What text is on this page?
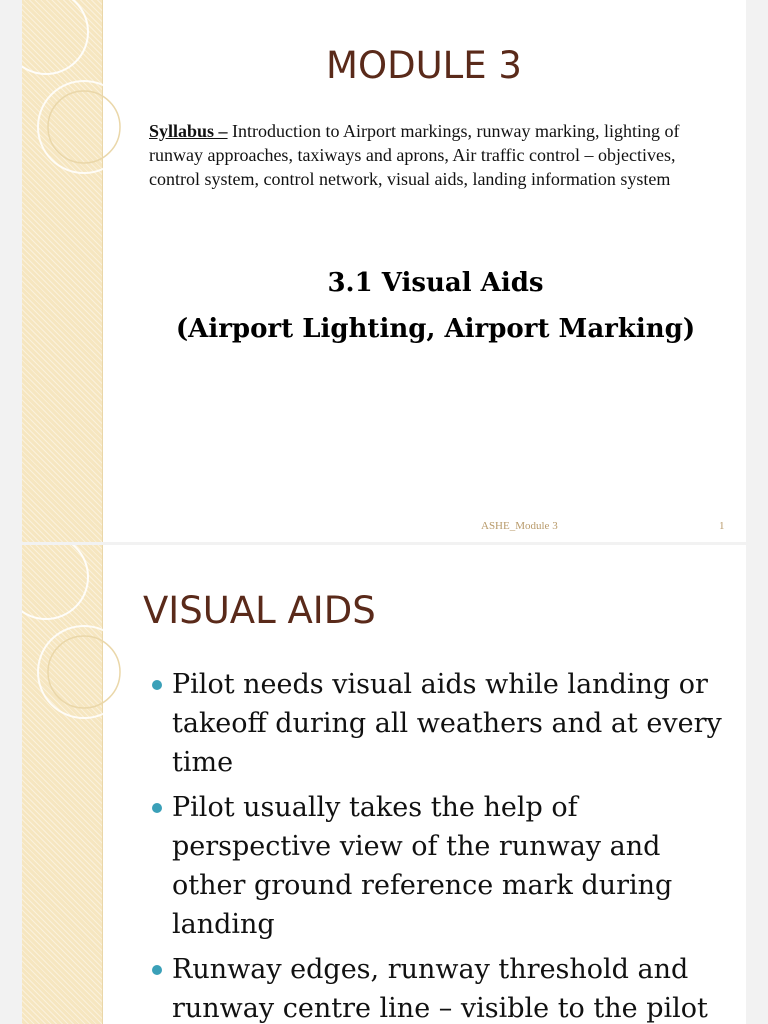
MODULE 3
Syllabus – Introduction to Airport markings, runway marking, lighting of runway approaches, taxiways and aprons, Air traffic control – objectives, control system, control network, visual aids, landing information system
3.1 Visual Aids
(Airport Lighting, Airport Marking)
ASHE_Module 3	1
VISUAL AIDS
Pilot needs visual aids while landing or takeoff during all weathers and at every time
Pilot usually takes the help of perspective view of the runway and other ground reference mark during landing
Runway edges, runway threshold and runway centre line – visible to the pilot
